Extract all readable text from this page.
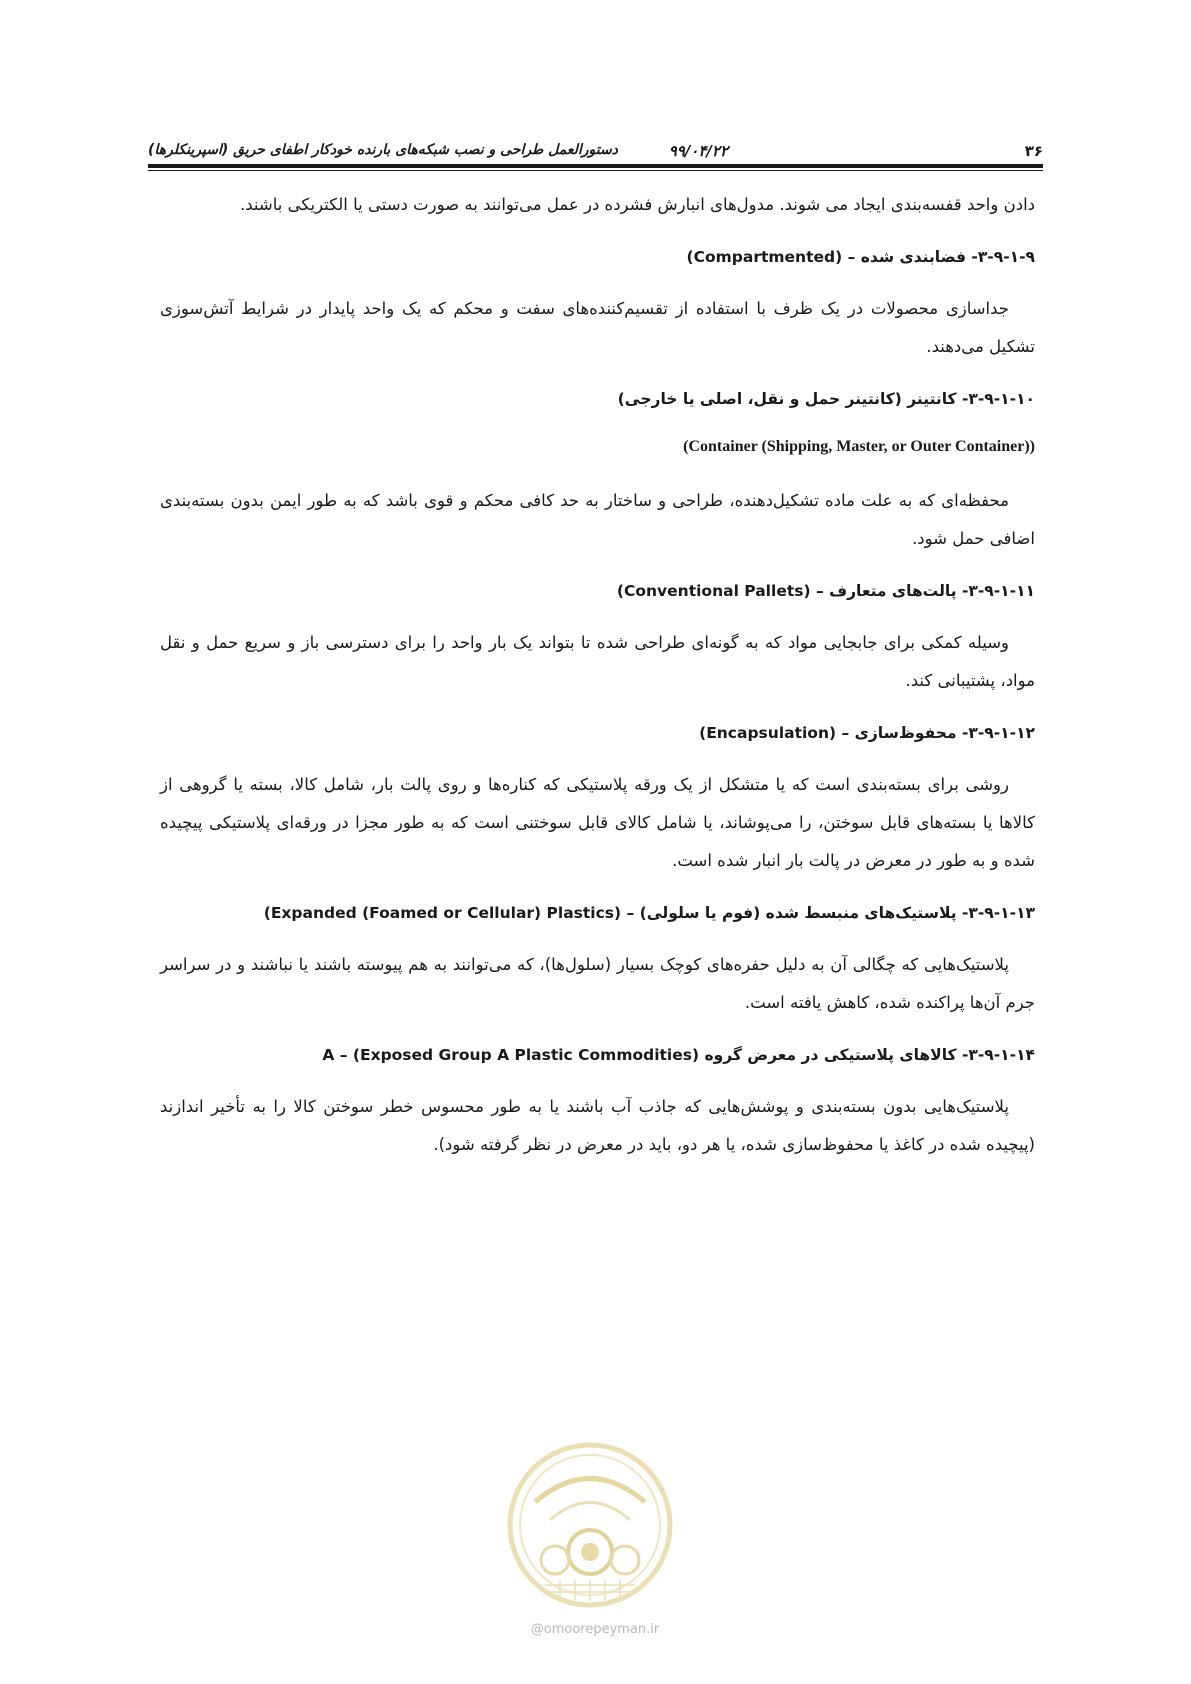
۳۶
۹۹/۰۴/۲۲
دستورالعمل طراحی و نصب شبکه‌های بارنده خودکار اطفای حریق (اسپرینکلرها)

دادن واحد قفسه‌بندی ایجاد می شوند. مدول‌های انبارش فشرده در عمل می‌توانند به صورت دستی یا الکتریکی باشند.

۳-۹-۱-۹- فضابندی شده – (Compartmented)

جداسازی محصولات در یک ظرف با استفاده از تقسیم‌کننده‌های سفت و محکم که یک واحد پایدار در شرایط آتش‌سوزی تشکیل می‌دهند.

۳-۹-۱-۱۰- کانتینر (کانتینر حمل و نقل، اصلی یا خارجی)
(Container (Shipping, Master, or Outer Container))

محفظه‌ای که به علت ماده تشکیل‌دهنده، طراحی و ساختار به حد کافی محکم و قوی باشد که به طور ایمن بدون بسته‌بندی اضافی حمل شود.

۳-۹-۱-۱۱- پالت‌های متعارف – (Conventional Pallets)

وسیله کمکی برای جابجایی مواد که به گونه‌ای طراحی شده تا بتواند یک بار واحد را برای دسترسی باز و سریع حمل و نقل مواد، پشتیبانی کند.

۳-۹-۱-۱۲- محفوظ‌سازی – (Encapsulation)

روشی برای بسته‌بندی است که یا متشکل از یک ورقه پلاستیکی که کناره‌ها و روی پالت بار، شامل کالا، بسته یا گروهی از کالاها یا بسته‌های قابل سوختن، را می‌پوشاند، یا شامل کالای قابل سوختنی است که به طور مجزا در ورقه‌ای پلاستیکی پیچیده شده و به طور در معرض در پالت بار انبار شده است.

۳-۹-۱-۱۳- پلاستیک‌های منبسط شده (فوم یا سلولی) – (Expanded (Foamed or Cellular) Plastics)

پلاستیک‌هایی که چگالی آن به دلیل حفره‌های کوچک بسیار (سلول‌ها)، که می‌توانند به هم پیوسته باشند یا نباشند و در سراسر جرم آن‌ها پراکنده شده، کاهش یافته است.

۳-۹-۱-۱۴- کالاهای پلاستیکی در معرض گروه A – (Exposed Group A Plastic Commodities)

پلاستیک‌هایی بدون بسته‌بندی و پوشش‌هایی که جاذب آب باشند یا به طور محسوس خطر سوختن کالا را به تأخیر اندازند (پیچیده شده در کاغذ یا محفوظ‌سازی شده، یا هر دو، باید در معرض در نظر گرفته شود).

@omoorepeyman.ir
